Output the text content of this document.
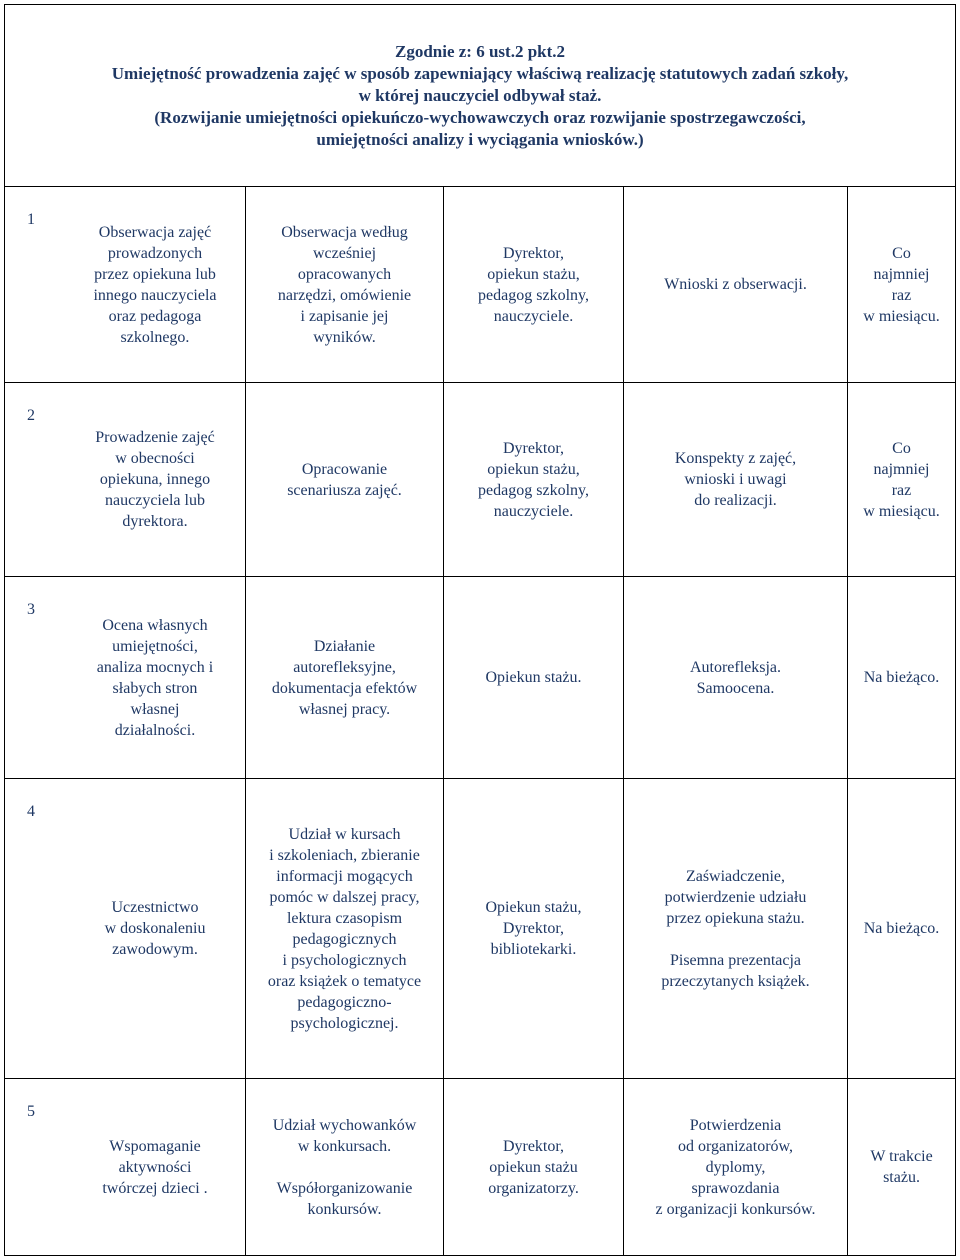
Zgodnie z: 6 ust.2 pkt.2
Umiejętność prowadzenia zajęć w sposób zapewniający właściwą realizację statutowych zadań szkoły,
w której nauczyciel odbywał staż.
(Rozwijanie umiejętności opiekuńczo-wychowawczych oraz rozwijanie spostrzegawczości,
umiejętności analizy i wyciągania wniosków.)
1
Obserwacja zajęć
prowadzonych
przez opiekuna lub
innego nauczyciela
oraz pedagoga
szkolnego.
Obserwacja według
wcześniej
opracowanych
narzędzi, omówienie
i zapisanie jej
wyników.
Dyrektor,
opiekun stażu,
pedagog szkolny,
nauczyciele.
Wnioski z obserwacji.
Co
najmniej
raz
w miesiącu.
2
Prowadzenie zajęć
w obecności
opiekuna, innego
nauczyciela lub
dyrektora.
Opracowanie
scenariusza zajęć.
Dyrektor,
opiekun stażu,
pedagog szkolny,
nauczyciele.
Konspekty z zajęć,
wnioski i uwagi
do realizacji.
Co
najmniej
raz
w miesiącu.
3
Ocena własnych
umiejętności,
analiza mocnych i
słabych stron
własnej
działalności.
Działanie
autorefleksyjne,
dokumentacja efektów
własnej pracy.
Opiekun stażu.
Autorefleksja.
Samoocena.
Na bieżąco.
4
Uczestnictwo
w doskonaleniu
zawodowym.
Udział w kursach
i szkoleniach, zbieranie
informacji mogących
pomóc w dalszej pracy,
lektura czasopism
pedagogicznych
i psychologicznych
oraz książek o tematyce
pedagogiczno-
psychologicznej.
Opiekun stażu,
Dyrektor,
bibliotekarki.
Zaświadczenie,
potwierdzenie udziału
przez opiekuna stażu.

Pisemna prezentacja
przeczytanych książek.
Na bieżąco.
5
Wspomaganie
aktywności
twórczej dzieci .
Udział wychowanków
w konkursach.

Współorganizowanie
konkursów.
Dyrektor,
opiekun stażu
organizatorzy.
Potwierdzenia
od organizatorów,
dyplomy,
sprawozdania
z organizacji konkursów.
W trakcie
stażu.
